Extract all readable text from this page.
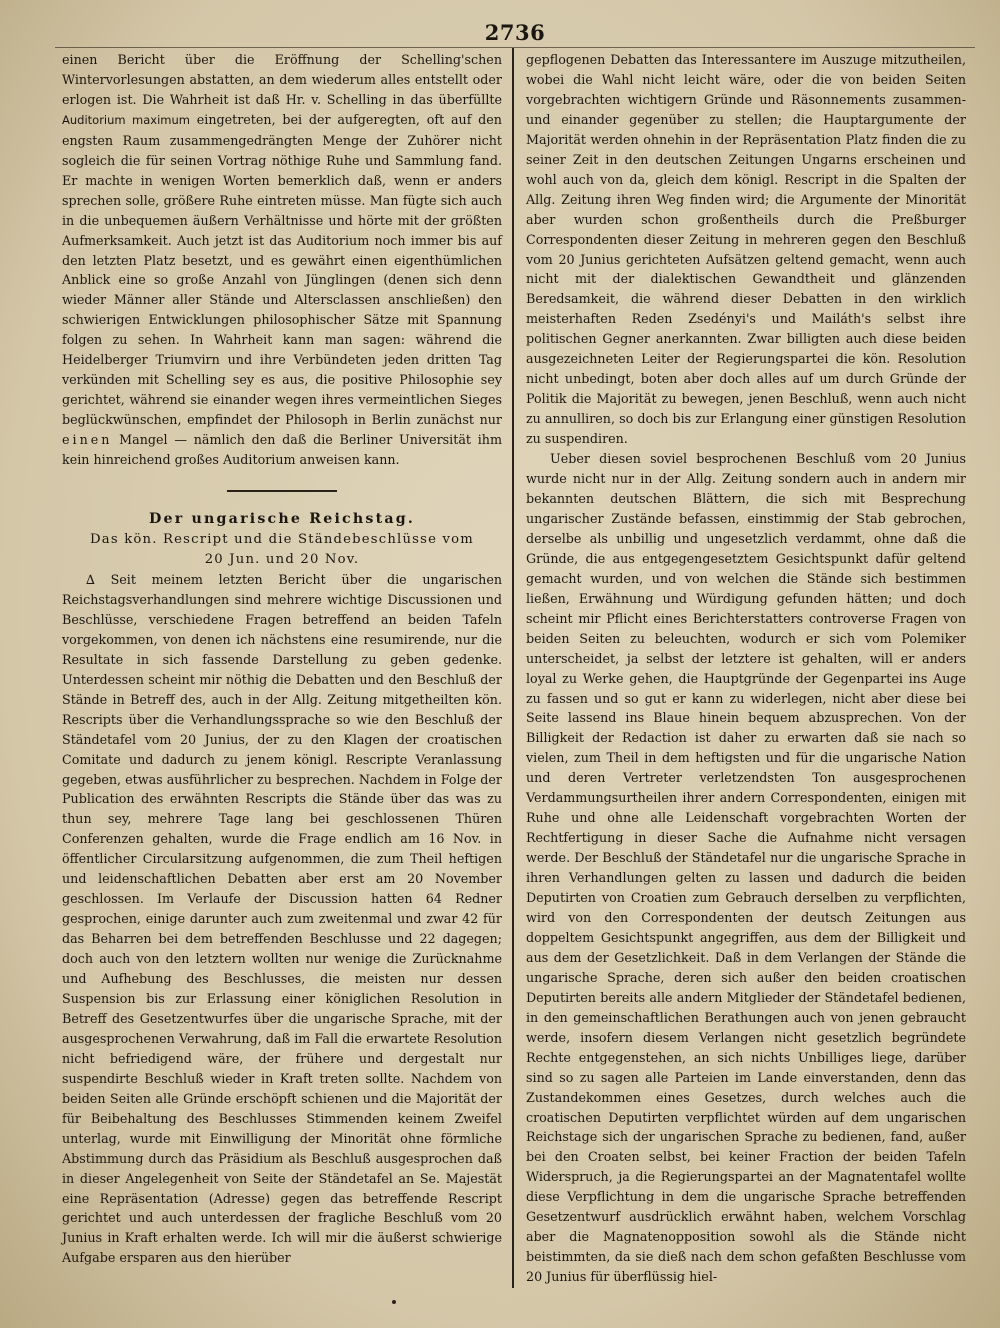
2736

einen Bericht über die Eröffnung der Schelling'schen Wintervorlesungen abstatten, an dem wiederum alles entstellt oder erlogen ist. Die Wahrheit ist daß Hr. v. Schelling in das überfüllte Auditorium maximum eingetreten, bei der aufgeregten, oft auf den engsten Raum zusammengedrängten Menge der Zuhörer nicht sogleich die für seinen Vortrag nöthige Ruhe und Sammlung fand. Er machte in wenigen Worten bemerklich daß, wenn er anders sprechen solle, größere Ruhe eintreten müsse. Man fügte sich auch in die unbequemen äußern Verhältnisse und hörte mit der größten Aufmerksamkeit. Auch jetzt ist das Auditorium noch immer bis auf den letzten Platz besetzt, und es gewährt einen eigenthümlichen Anblick eine so große Anzahl von Jünglingen (denen sich denn wieder Männer aller Stände und Altersclassen anschließen) den schwierigen Entwicklungen philosophischer Sätze mit Spannung folgen zu sehen. In Wahrheit kann man sagen: während die Heidelberger Triumvirn und ihre Verbündeten jeden dritten Tag verkünden mit Schelling sey es aus, die positive Philosophie sey gerichtet, während sie einander wegen ihres vermeintlichen Sieges beglückwünschen, empfindet der Philosoph in Berlin zunächst nur einen Mangel — nämlich den daß die Berliner Universität ihm kein hinreichend großes Auditorium anweisen kann.

Der ungarische Reichstag.

Das kön. Rescript und die Ständebeschlüsse vom
20 Jun. und 20 Nov.

∆ Seit meinem letzten Bericht über die ungarischen Reichstagsverhandlungen sind mehrere wichtige Discussionen und Beschlüsse, verschiedene Fragen betreffend an beiden Tafeln vorgekommen, von denen ich nächstens eine resumirende, nur die Resultate in sich fassende Darstellung zu geben gedenke. Unterdessen scheint mir nöthig die Debatten und den Beschluß der Stände in Betreff des, auch in der Allg. Zeitung mitgetheilten kön. Rescripts über die Verhandlungssprache so wie den Beschluß der Ständetafel vom 20 Junius, der zu den Klagen der croatischen Comitate und dadurch zu jenem königl. Rescripte Veranlassung gegeben, etwas ausführlicher zu besprechen. Nachdem in Folge der Publication des erwähnten Rescripts die Stände über das was zu thun sey, mehrere Tage lang bei geschlossenen Thüren Conferenzen gehalten, wurde die Frage endlich am 16 Nov. in öffentlicher Circularsitzung aufgenommen, die zum Theil heftigen und leidenschaftlichen Debatten aber erst am 20 November geschlossen. Im Verlaufe der Discussion hatten 64 Redner gesprochen, einige darunter auch zum zweitenmal und zwar 42 für das Beharren bei dem betreffenden Beschlusse und 22 dagegen; doch auch von den letztern wollten nur wenige die Zurücknahme und Aufhebung des Beschlusses, die meisten nur dessen Suspension bis zur Erlassung einer königlichen Resolution in Betreff des Gesetzentwurfes über die ungarische Sprache, mit der ausgesprochenen Verwahrung, daß im Fall die erwartete Resolution nicht befriedigend wäre, der frühere und dergestalt nur suspendirte Beschluß wieder in Kraft treten sollte. Nachdem von beiden Seiten alle Gründe erschöpft schienen und die Majorität der für Beibehaltung des Beschlusses Stimmenden keinem Zweifel unterlag, wurde mit Einwilligung der Minorität ohne förmliche Abstimmung durch das Präsidium als Beschluß ausgesprochen daß in dieser Angelegenheit von Seite der Ständetafel an Se. Majestät eine Repräsentation (Adresse) gegen das betreffende Rescript gerichtet und auch unterdessen der fragliche Beschluß vom 20 Junius in Kraft erhalten werde. Ich will mir die äußerst schwierige Aufgabe ersparen aus den hierüber

gepflogenen Debatten das Interessantere im Auszuge mitzutheilen, wobei die Wahl nicht leicht wäre, oder die von beiden Seiten vorgebrachten wichtigern Gründe und Räsonnements zusammen- und einander gegenüber zu stellen; die Hauptargumente der Majorität werden ohnehin in der Repräsentation Platz finden die zu seiner Zeit in den deutschen Zeitungen Ungarns erscheinen und wohl auch von da, gleich dem königl. Rescript in die Spalten der Allg. Zeitung ihren Weg finden wird; die Argumente der Minorität aber wurden schon großentheils durch die Preßburger Correspondenten dieser Zeitung in mehreren gegen den Beschluß vom 20 Junius gerichteten Aufsätzen geltend gemacht, wenn auch nicht mit der dialektischen Gewandtheit und glänzenden Beredsamkeit, die während dieser Debatten in den wirklich meisterhaften Reden Zsedényi's und Mailáth's selbst ihre politischen Gegner anerkannten. Zwar billigten auch diese beiden ausgezeichneten Leiter der Regierungspartei die kön. Resolution nicht unbedingt, boten aber doch alles auf um durch Gründe der Politik die Majorität zu bewegen, jenen Beschluß, wenn auch nicht zu annulliren, so doch bis zur Erlangung einer günstigen Resolution zu suspendiren.

Ueber diesen soviel besprochenen Beschluß vom 20 Junius wurde nicht nur in der Allg. Zeitung sondern auch in andern mir bekannten deutschen Blättern, die sich mit Besprechung ungarischer Zustände befassen, einstimmig der Stab gebrochen, derselbe als unbillig und ungesetzlich verdammt, ohne daß die Gründe, die aus entgegengesetztem Gesichtspunkt dafür geltend gemacht wurden, und von welchen die Stände sich bestimmen ließen, Erwähnung und Würdigung gefunden hätten; und doch scheint mir Pflicht eines Berichterstatters controverse Fragen von beiden Seiten zu beleuchten, wodurch er sich vom Polemiker unterscheidet, ja selbst der letztere ist gehalten, will er anders loyal zu Werke gehen, die Hauptgründe der Gegenpartei ins Auge zu fassen und so gut er kann zu widerlegen, nicht aber diese bei Seite lassend ins Blaue hinein bequem abzusprechen. Von der Billigkeit der Redaction ist daher zu erwarten daß sie nach so vielen, zum Theil in dem heftigsten und für die ungarische Nation und deren Vertreter verletzendsten Ton ausgesprochenen Verdammungsurtheilen ihrer andern Correspondenten, einigen mit Ruhe und ohne alle Leidenschaft vorgebrachten Worten der Rechtfertigung in dieser Sache die Aufnahme nicht versagen werde. Der Beschluß der Ständetafel nur die ungarische Sprache in ihren Verhandlungen gelten zu lassen und dadurch die beiden Deputirten von Croatien zum Gebrauch derselben zu verpflichten, wird von den Correspondenten der deutsch Zeitungen aus doppeltem Gesichtspunkt angegriffen, aus dem der Billigkeit und aus dem der Gesetzlichkeit. Daß in dem Verlangen der Stände die ungarische Sprache, deren sich außer den beiden croatischen Deputirten bereits alle andern Mitglieder der Ständetafel bedienen, in den gemeinschaftlichen Berathungen auch von jenen gebraucht werde, insofern diesem Verlangen nicht gesetzlich begründete Rechte entgegenstehen, an sich nichts Unbilliges liege, darüber sind so zu sagen alle Parteien im Lande einverstanden, denn das Zustandekommen eines Gesetzes, durch welches auch die croatischen Deputirten verpflichtet würden auf dem ungarischen Reichstage sich der ungarischen Sprache zu bedienen, fand, außer bei den Croaten selbst, bei keiner Fraction der beiden Tafeln Widerspruch, ja die Regierungspartei an der Magnatentafel wollte diese Verpflichtung in dem die ungarische Sprache betreffenden Gesetzentwurf ausdrücklich erwähnt haben, welchem Vorschlag aber die Magnatenopposition sowohl als die Stände nicht beistimmten, da sie dieß nach dem schon gefaßten Beschlusse vom 20 Junius für überflüssig hiel-
